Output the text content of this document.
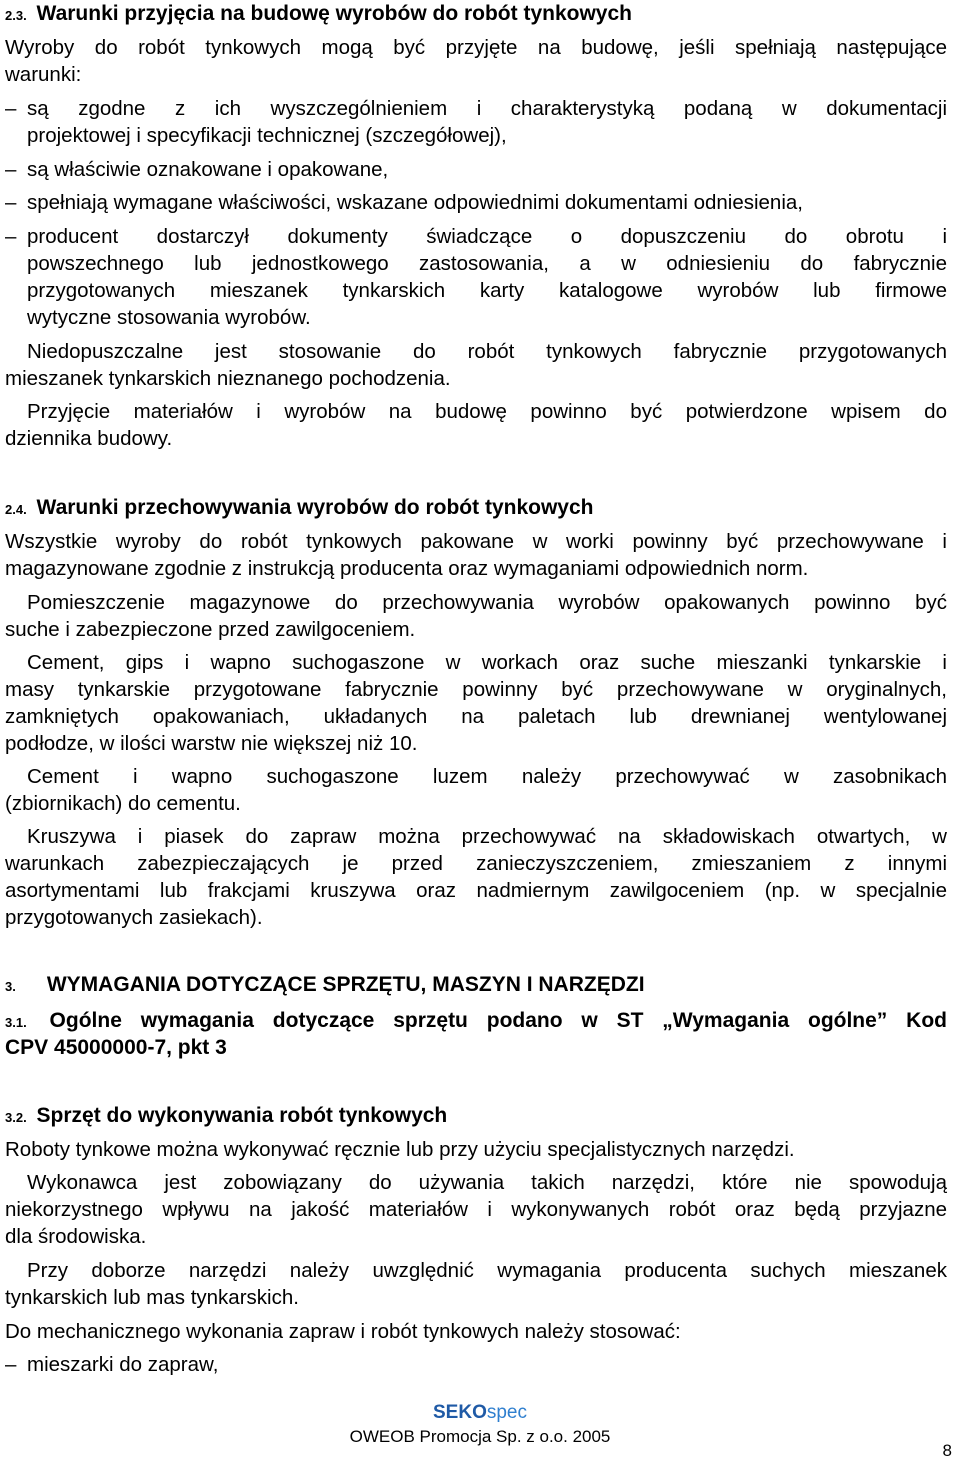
2.3. Warunki przyjęcia na budowę wyrobów do robót tynkowych
Wyroby do robót tynkowych mogą być przyjęte na budowę, jeśli spełniają następujące
warunki:
– są zgodne z ich wyszczególnieniem i charakterystyką podaną w dokumentacji
projektowej i specyfikacji technicznej (szczegółowej),
– są właściwie oznakowane i opakowane,
– spełniają wymagane właściwości, wskazane odpowiednimi dokumentami odniesienia,
– producent dostarczył dokumenty świadczące o dopuszczeniu do obrotu i
powszechnego lub jednostkowego zastosowania, a w odniesieniu do fabrycznie
przygotowanych mieszanek tynkarskich karty katalogowe wyrobów lub firmowe
wytyczne stosowania wyrobów.
Niedopuszczalne jest stosowanie do robót tynkowych fabrycznie przygotowanych
mieszanek tynkarskich nieznanego pochodzenia.
Przyjęcie materiałów i wyrobów na budowę powinno być potwierdzone wpisem do
dziennika budowy.
2.4. Warunki przechowywania wyrobów do robót tynkowych
Wszystkie wyroby do robót tynkowych pakowane w worki powinny być przechowywane i
magazynowane zgodnie z instrukcją producenta oraz wymaganiami odpowiednich norm.
Pomieszczenie magazynowe do przechowywania wyrobów opakowanych powinno być
suche i zabezpieczone przed zawilgoceniem.
Cement, gips i wapno suchogaszone w workach oraz suche mieszanki tynkarskie i
masy tynkarskie przygotowane fabrycznie powinny być przechowywane w oryginalnych,
zamkniętych opakowaniach, układanych na paletach lub drewnianej wentylowanej
podłodze, w ilości warstw nie większej niż 10.
Cement i wapno suchogaszone luzem należy przechowywać w zasobnikach
(zbiornikach) do cementu.
Kruszywa i piasek do zapraw można przechowywać na składowiskach otwartych, w
warunkach zabezpieczających je przed zanieczyszczeniem, zmieszaniem z innymi
asortymentami lub frakcjami kruszywa oraz nadmiernym zawilgoceniem (np. w specjalnie
przygotowanych zasiekach).
3. WYMAGANIA DOTYCZĄCE SPRZĘTU, MASZYN I NARZĘDZI
3.1. Ogólne wymagania dotyczące sprzętu podano w ST „Wymagania ogólne” Kod
CPV 45000000-7, pkt 3
3.2. Sprzęt do wykonywania robót tynkowych
Roboty tynkowe można wykonywać ręcznie lub przy użyciu specjalistycznych narzędzi.
Wykonawca jest zobowiązany do używania takich narzędzi, które nie spowodują
niekorzystnego wpływu na jakość materiałów i wykonywanych robót oraz będą przyjazne
dla środowiska.
Przy doborze narzędzi należy uwzględnić wymagania producenta suchych mieszanek
tynkarskich lub mas tynkarskich.
Do mechanicznego wykonania zapraw i robót tynkowych należy stosować:
– mieszarki do zapraw,
SEKOspec
OWEOB Promocja Sp. z o.o. 2005
8
